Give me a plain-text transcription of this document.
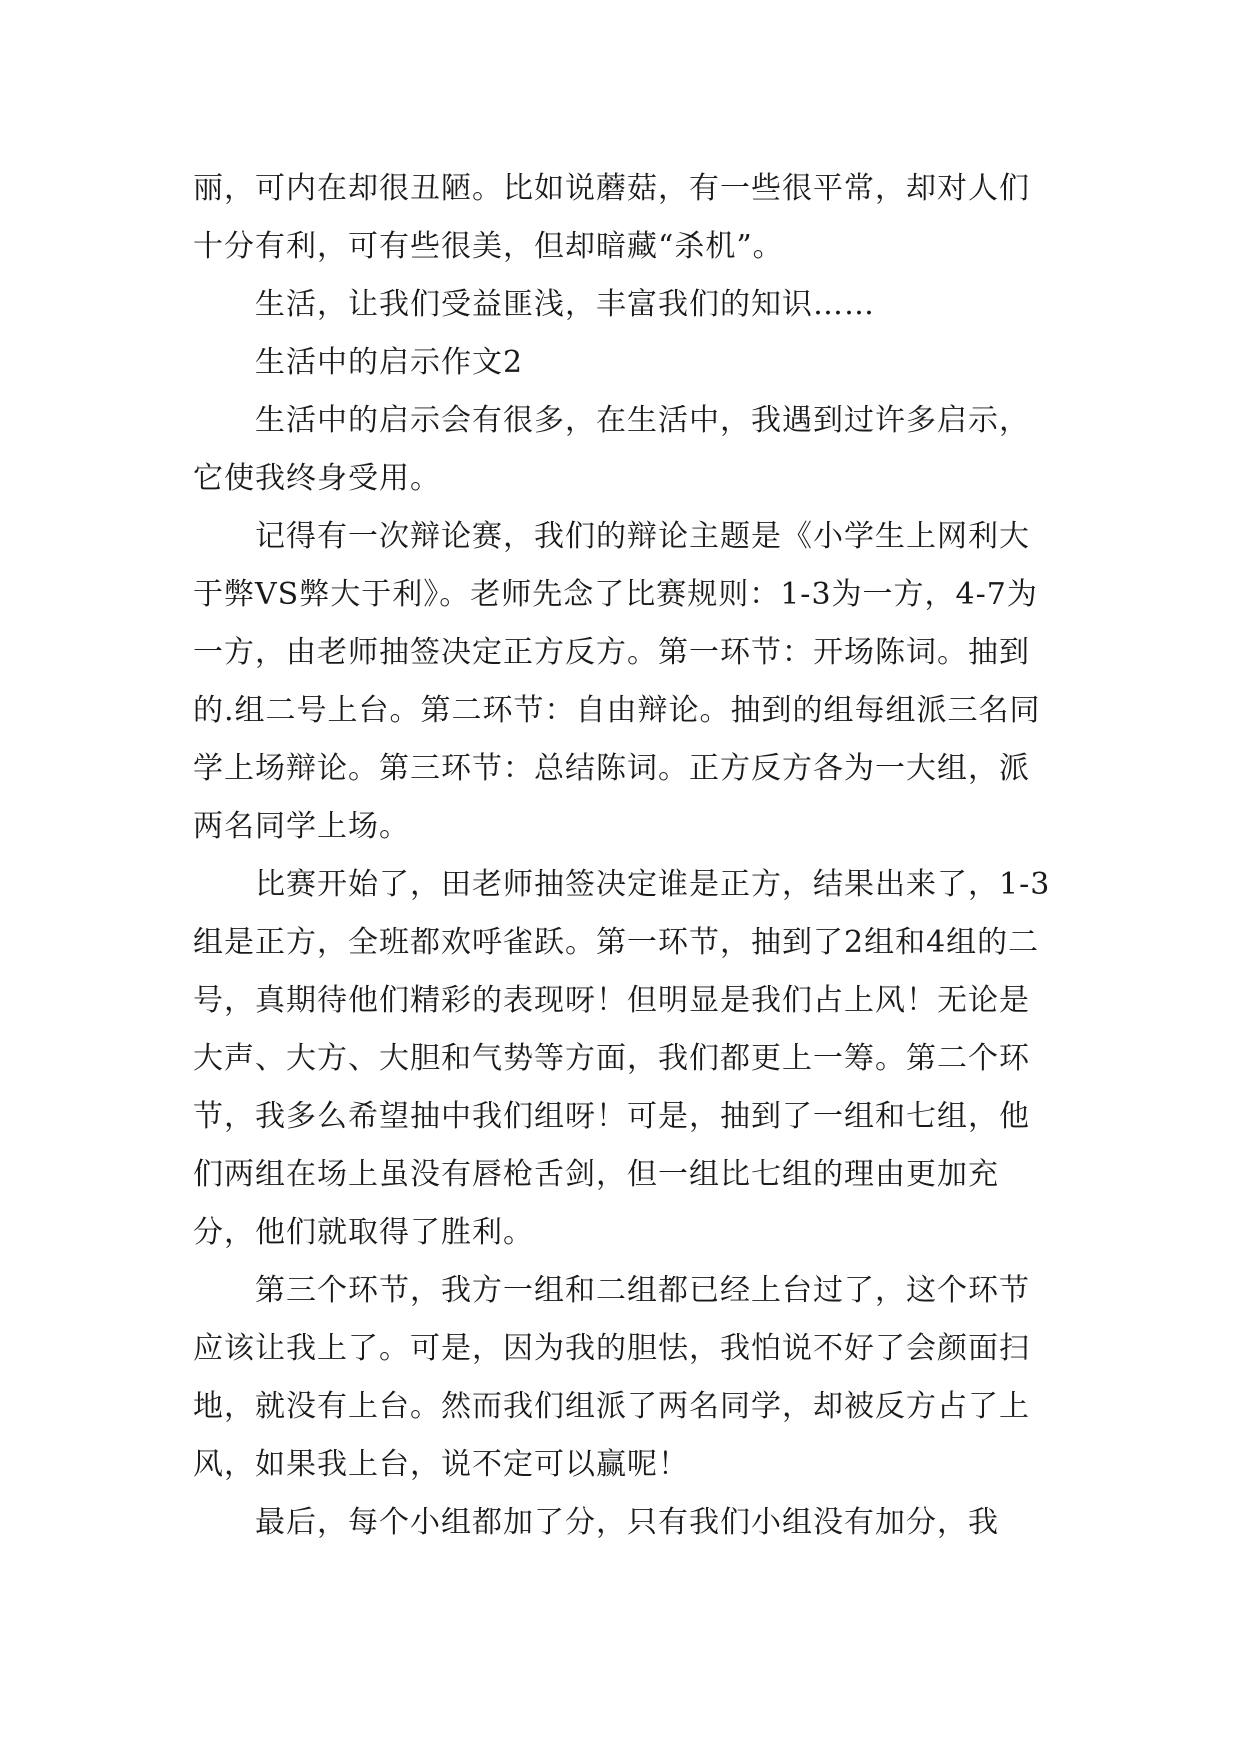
丽，可内在却很丑陋。比如说蘑菇，有一些很平常，却对人们十分有利，可有些很美，但却暗藏“杀机”。

生活，让我们受益匪浅，丰富我们的知识……

生活中的启示作文2

生活中的启示会有很多，在生活中，我遇到过许多启示，它使我终身受用。

记得有一次辩论赛，我们的辩论主题是《小学生上网利大于弊VS弊大于利》。老师先念了比赛规则：1-3为一方，4-7为一方，由老师抽签决定正方反方。第一环节：开场陈词。抽到的.组二号上台。第二环节：自由辩论。抽到的组每组派三名同学上场辩论。第三环节：总结陈词。正方反方各为一大组，派两名同学上场。

比赛开始了，田老师抽签决定谁是正方，结果出来了，1-3组是正方，全班都欢呼雀跃。第一环节，抽到了2组和4组的二号，真期待他们精彩的表现呀！但明显是我们占上风！无论是大声、大方、大胆和气势等方面，我们都更上一筹。第二个环节，我多么希望抽中我们组呀！可是，抽到了一组和七组，他们两组在场上虽没有唇枪舌剑，但一组比七组的理由更加充分，他们就取得了胜利。

第三个环节，我方一组和二组都已经上台过了，这个环节应该让我上了。可是，因为我的胆怯，我怕说不好了会颜面扫地，就没有上台。然而我们组派了两名同学，却被反方占了上风，如果我上台，说不定可以赢呢！

最后，每个小组都加了分，只有我们小组没有加分，我
